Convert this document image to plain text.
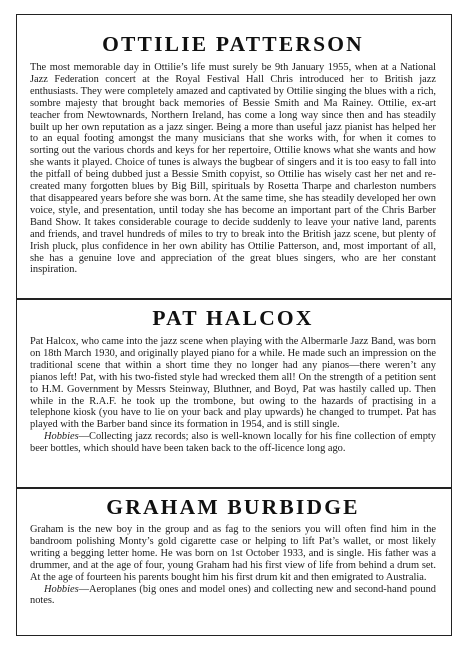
OTTILIE PATTERSON

The most memorable day in Ottilie’s life must surely be 9th January 1955, when at a National Jazz Federation concert at the Royal Festival Hall Chris introduced her to British jazz enthusiasts. They were completely amazed and captivated by Ottilie singing the blues with a rich, sombre majesty that brought back memories of Bessie Smith and Ma Rainey. Ottilie, ex-art teacher from Newtownards, Northern Ireland, has come a long way since then and has steadily built up her own reputation as a jazz singer. Being a more than useful jazz pianist has helped her to an equal footing amongst the many musicians that she works with, for when it comes to sorting out the various chords and keys for her repertoire, Ottilie knows what she wants and how she wants it played. Choice of tunes is always the bugbear of singers and it is too easy to fall into the pitfall of being dubbed just a Bessie Smith copyist, so Ottilie has wisely cast her net and re-created many forgotten blues by Big Bill, spirituals by Rosetta Tharpe and charleston numbers that disappeared years before she was born. At the same time, she has steadily developed her own voice, style, and presentation, until today she has become an important part of the Chris Barber Band Show. It takes considerable courage to decide suddenly to leave your native land, parents and friends, and travel hundreds of miles to try to break into the British jazz scene, but plenty of Irish pluck, plus confidence in her own ability has Ottilie Patterson, and, most important of all, she has a genuine love and appreciation of the great blues singers, who are her constant inspiration.

PAT HALCOX

Pat Halcox, who came into the jazz scene when playing with the Albermarle Jazz Band, was born on 18th March 1930, and originally played piano for a while. He made such an impression on the traditional scene that within a short time they no longer had any pianos—there weren’t any pianos left! Pat, with his two-fisted style had wrecked them all! On the strength of a petition sent to H.M. Government by Messrs Steinway, Bluthner, and Boyd, Pat was hastily called up. Then while in the R.A.F. he took up the trombone, but owing to the hazards of practising in a telephone kiosk (you have to lie on your back and play upwards) he changed to trumpet. Pat has played with the Barber band since its formation in 1954, and is still single.

Hobbies—Collecting jazz records; also is well-known locally for his fine collection of empty beer bottles, which should have been taken back to the off-licence long ago.

GRAHAM BURBIDGE

Graham is the new boy in the group and as fag to the seniors you will often find him in the bandroom polishing Monty’s gold cigarette case or helping to lift Pat’s wallet, or most likely writing a begging letter home. He was born on 1st October 1933, and is single. His father was a drummer, and at the age of four, young Graham had his first view of life from behind a drum set. At the age of fourteen his parents bought him his first drum kit and then emigrated to Australia.

Hobbies—Aeroplanes (big ones and model ones) and collecting new and second-hand pound notes.
